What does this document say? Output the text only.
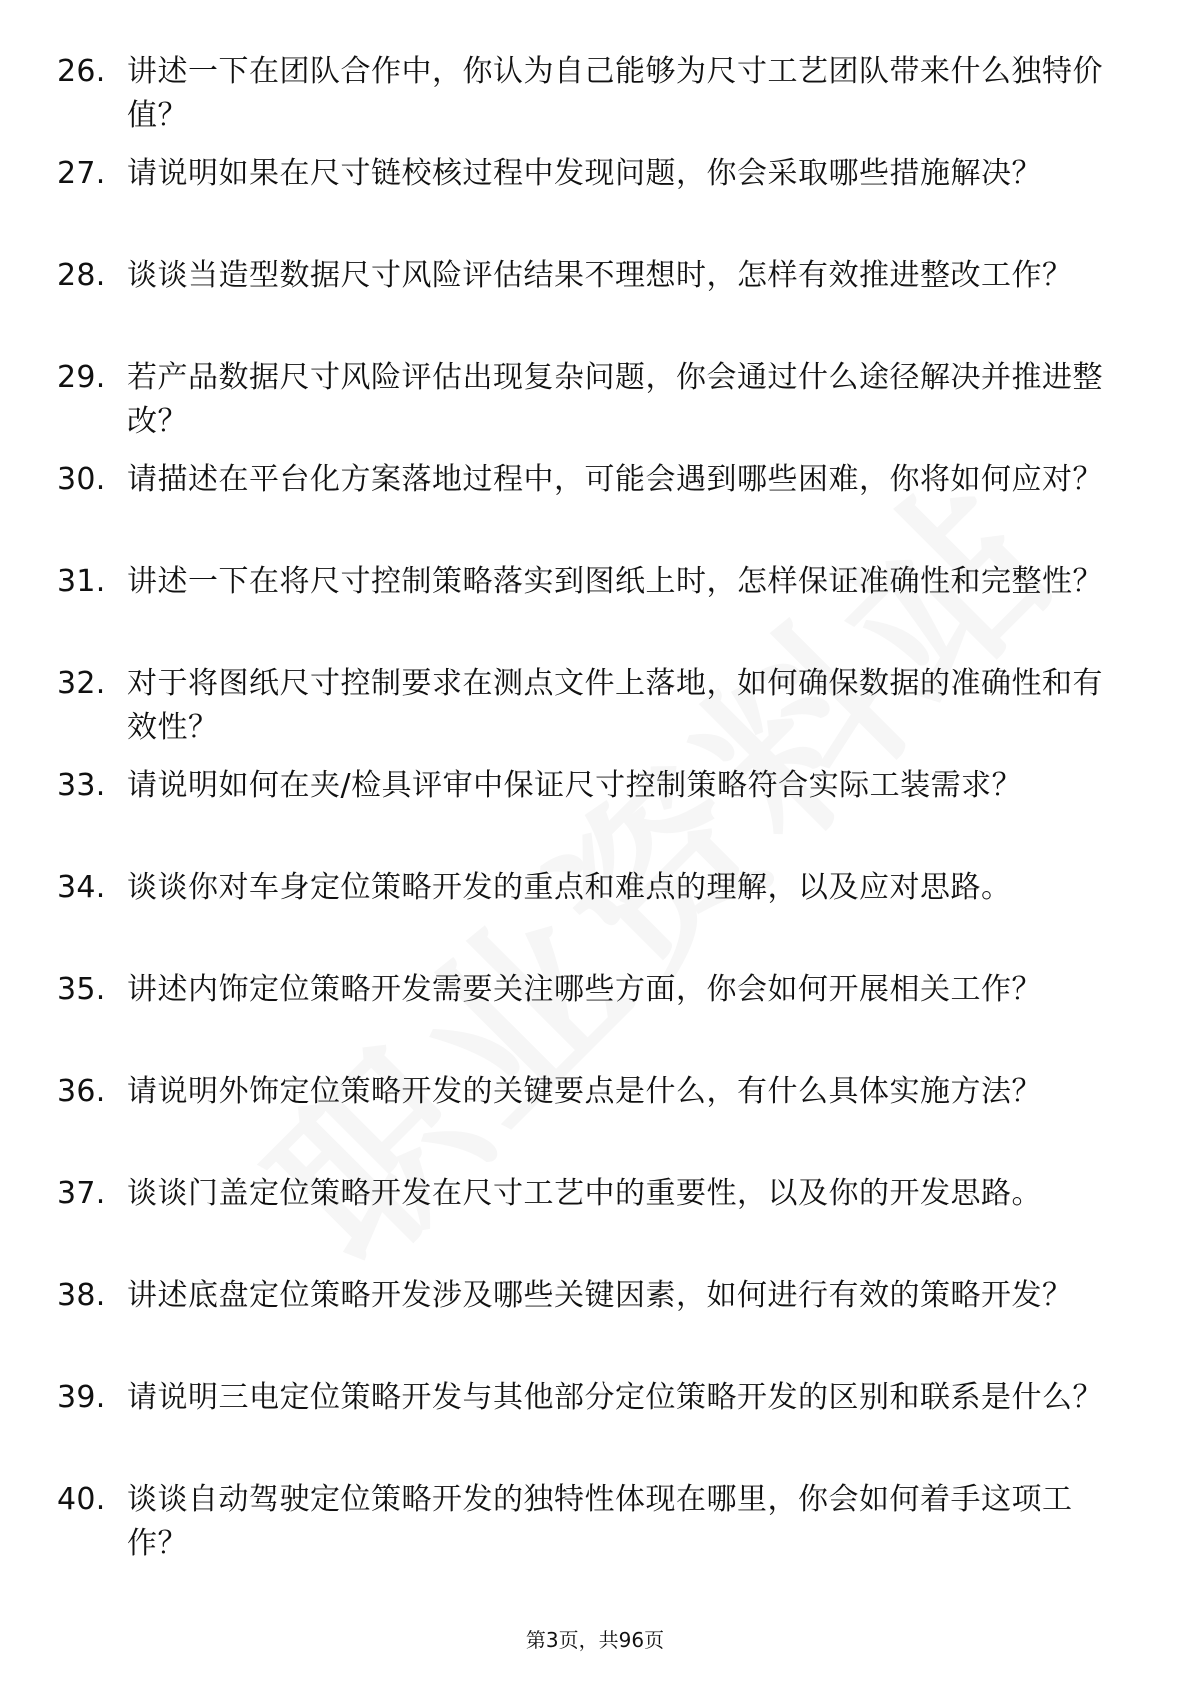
26. 讲述一下在团队合作中，你认为自己能够为尺寸工艺团队带来什么独特价值？
27. 请说明如果在尺寸链校核过程中发现问题，你会采取哪些措施解决？
28. 谈谈当造型数据尺寸风险评估结果不理想时，怎样有效推进整改工作？
29. 若产品数据尺寸风险评估出现复杂问题，你会通过什么途径解决并推进整改？
30. 请描述在平台化方案落地过程中，可能会遇到哪些困难，你将如何应对？
31. 讲述一下在将尺寸控制策略落实到图纸上时，怎样保证准确性和完整性？
32. 对于将图纸尺寸控制要求在测点文件上落地，如何确保数据的准确性和有效性？
33. 请说明如何在夹/检具评审中保证尺寸控制策略符合实际工装需求？
34. 谈谈你对车身定位策略开发的重点和难点的理解，以及应对思路。
35. 讲述内饰定位策略开发需要关注哪些方面，你会如何开展相关工作？
36. 请说明外饰定位策略开发的关键要点是什么，有什么具体实施方法？
37. 谈谈门盖定位策略开发在尺寸工艺中的重要性，以及你的开发思路。
38. 讲述底盘定位策略开发涉及哪些关键因素，如何进行有效的策略开发？
39. 请说明三电定位策略开发与其他部分定位策略开发的区别和联系是什么？
40. 谈谈自动驾驶定位策略开发的独特性体现在哪里，你会如何着手这项工作？
第3页，共96页
